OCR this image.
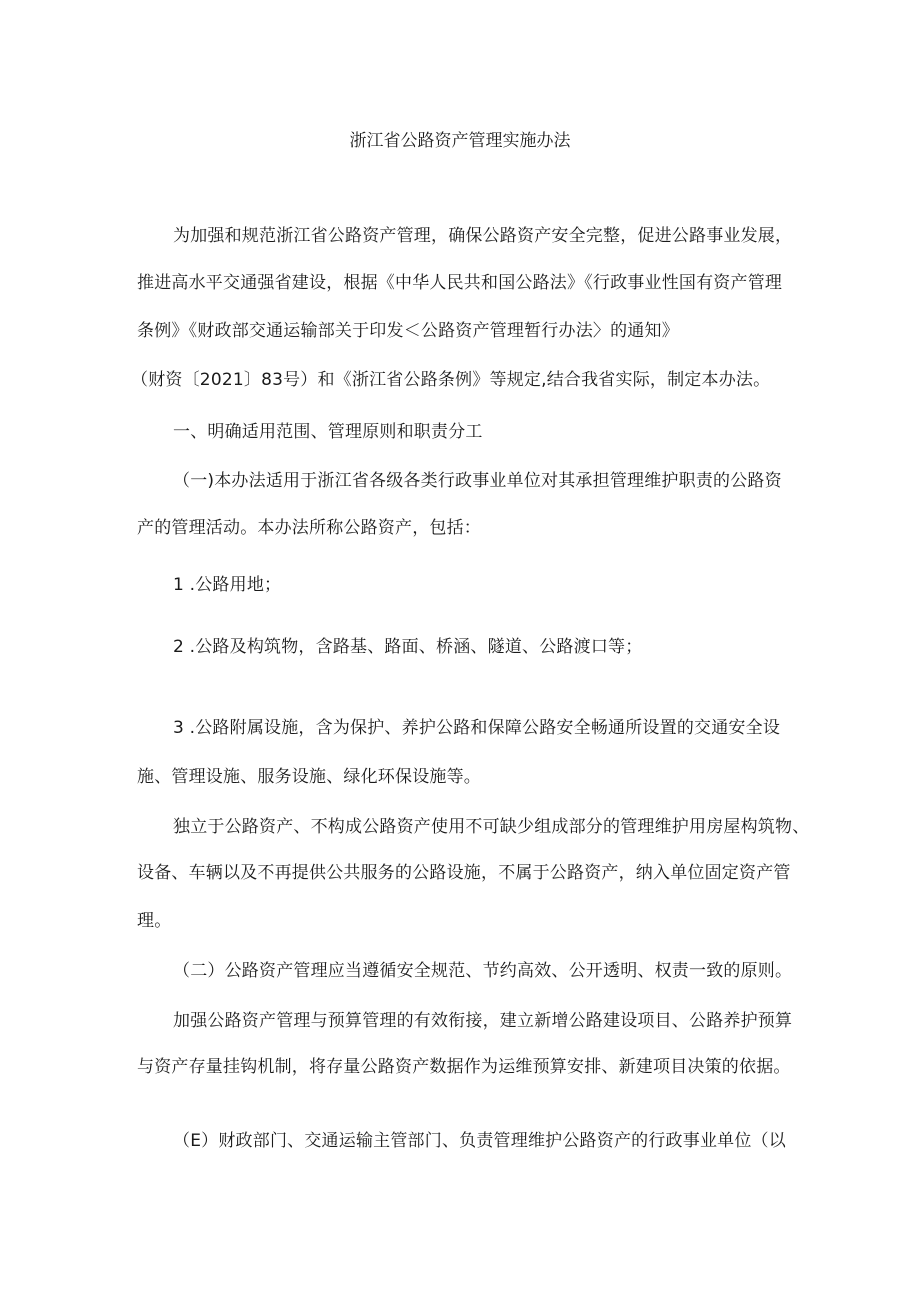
浙江省公路资产管理实施办法
为加强和规范浙江省公路资产管理，确保公路资产安全完整，促进公路事业发展，
推进高水平交通强省建设，根据《中华人民共和国公路法》《行政事业性国有资产管理
条例》《财政部交通运输部关于印发＜公路资产管理暂行办法〉的通知》
（财资〔2021〕83号）和《浙江省公路条例》等规定,结合我省实际，制定本办法。
一、明确适用范围、管理原则和职责分工
（一)本办法适用于浙江省各级各类行政事业单位对其承担管理维护职责的公路资
产的管理活动。本办法所称公路资产，包括：
1 .公路用地；
2 .公路及构筑物，含路基、路面、桥涵、隧道、公路渡口等；
3 .公路附属设施，含为保护、养护公路和保障公路安全畅通所设置的交通安全设
施、管理设施、服务设施、绿化环保设施等。
独立于公路资产、不构成公路资产使用不可缺少组成部分的管理维护用房屋构筑物、
设备、车辆以及不再提供公共服务的公路设施，不属于公路资产，纳入单位固定资产管
理。
（二）公路资产管理应当遵循安全规范、节约高效、公开透明、权责一致的原则。
加强公路资产管理与预算管理的有效衔接，建立新增公路建设项目、公路养护预算
与资产存量挂钩机制，将存量公路资产数据作为运维预算安排、新建项目决策的依据。
（Ε）财政部门、交通运输主管部门、负责管理维护公路资产的行政事业单位（以
